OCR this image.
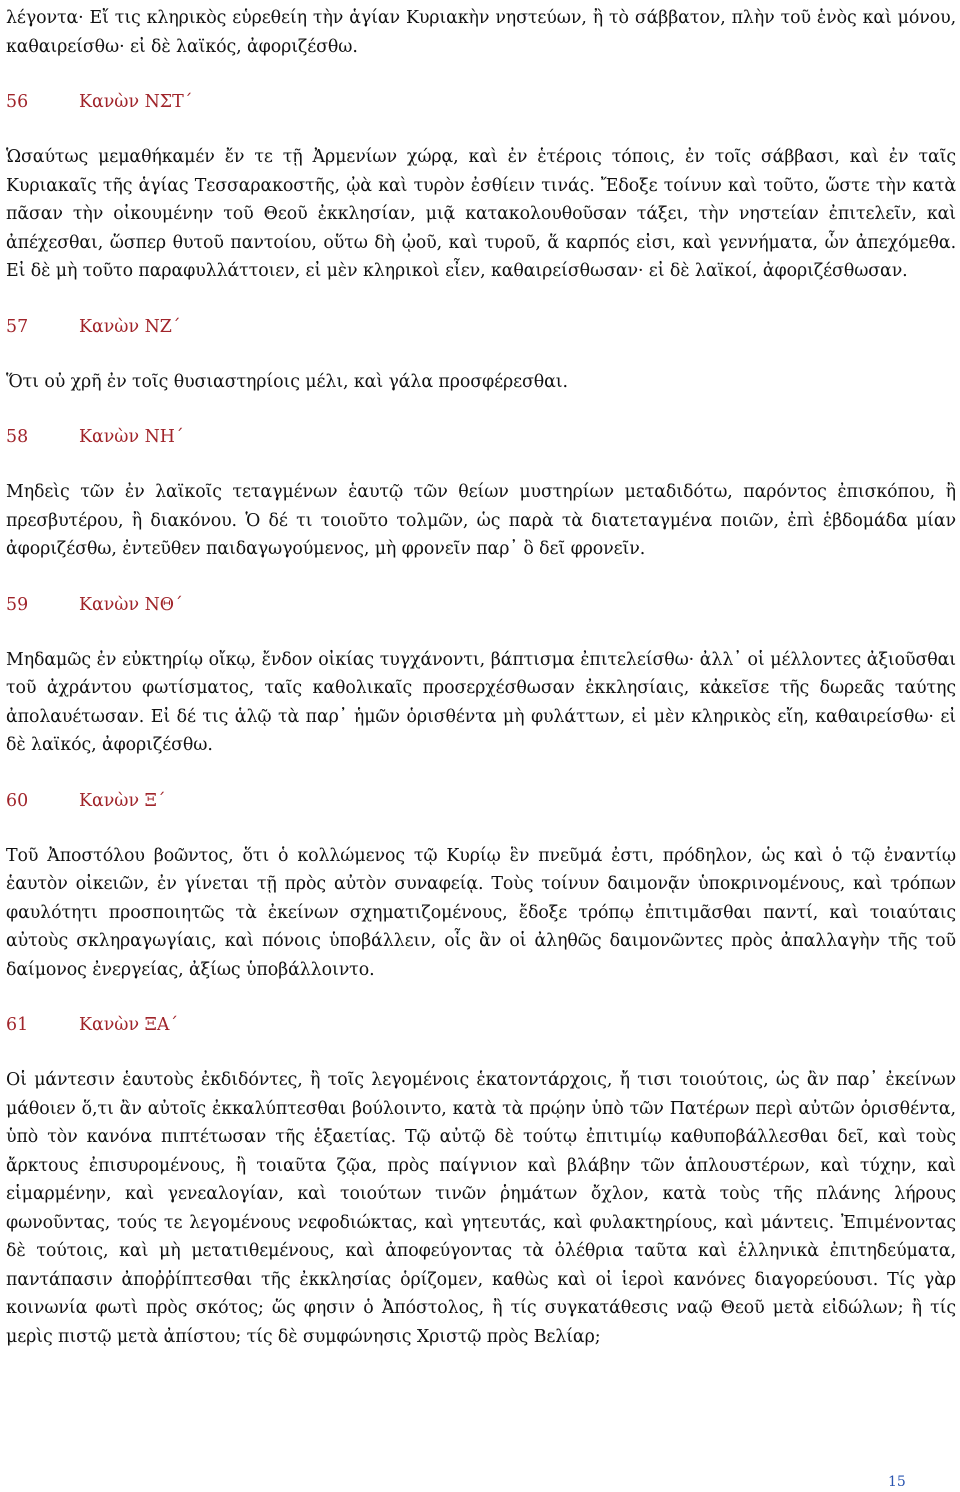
λέγοντα· Εἴ τις κληρικὸς εὑρεθείη τὴν ἁγίαν Κυριακὴν νηστεύων, ἢ τὸ σάββατον, πλὴν τοῦ ἑνὸς καὶ μόνου, καθαιρείσθω· εἰ δὲ λαϊκός, ἀφοριζέσθω.

56	Κανὼν ΝΣΤ΄

Ὡσαύτως μεμαθήκαμέν ἔν τε τῇ Ἀρμενίων χώρᾳ, καὶ ἐν ἑτέροις τόποις, ἐν τοῖς σάββασι, καὶ ἐν ταῖς Κυριακαῖς τῆς ἁγίας Τεσσαρακοστῆς, ᾠὰ καὶ τυρὸν ἐσθίειν τινάς. Ἔδοξε τοίνυν καὶ τοῦτο, ὥστε τὴν κατὰ πᾶσαν τὴν οἰκουμένην τοῦ Θεοῦ ἐκκλησίαν, μιᾷ κατακολουθοῦσαν τάξει, τὴν νηστείαν ἐπιτελεῖν, καὶ ἀπέχεσθαι, ὥσπερ θυτοῦ παντοίου, οὕτω δὴ ᾠοῦ, καὶ τυροῦ, ἅ καρπός εἰσι, καὶ γεννήματα, ὧν ἀπεχόμεθα. Εἰ δὲ μὴ τοῦτο παραφυλλάττοιεν, εἰ μὲν κληρικοὶ εἶεν, καθαιρείσθωσαν· εἰ δὲ λαϊκοί, ἀφοριζέσθωσαν.

57	Κανὼν ΝΖ΄

Ὅτι οὐ χρῆ ἐν τοῖς θυσιαστηρίοις μέλι, καὶ γάλα προσφέρεσθαι.

58	Κανὼν ΝΗ΄

Μηδεὶς τῶν ἐν λαϊκοῖς τεταγμένων ἑαυτῷ τῶν θείων μυστηρίων μεταδιδότω, παρόντος ἐπισκόπου, ἢ πρεσβυτέρου, ἢ διακόνου. Ὁ δέ τι τοιοῦτο τολμῶν, ὡς παρὰ τὰ διατεταγμένα ποιῶν, ἐπὶ ἑβδομάδα μίαν ἀφοριζέσθω, ἐντεῦθεν παιδαγωγούμενος, μὴ φρονεῖν παρ᾽ ὃ δεῖ φρονεῖν.

59	Κανὼν ΝΘ΄

Μηδαμῶς ἐν εὐκτηρίῳ οἴκῳ, ἔνδον οἰκίας τυγχάνοντι, βάπτισμα ἐπιτελείσθω· ἀλλ᾽ οἱ μέλλοντες ἀξιοῦσθαι τοῦ ἀχράντου φωτίσματος, ταῖς καθολικαῖς προσερχέσθωσαν ἐκκλησίαις, κἀκεῖσε τῆς δωρεᾶς ταύτης ἀπολαυέτωσαν. Εἰ δέ τις ἁλῷ τὰ παρ᾽ ἡμῶν ὁρισθέντα μὴ φυλάττων, εἰ μὲν κληρικὸς εἴη, καθαιρείσθω· εἰ δὲ λαϊκός, ἀφοριζέσθω.

60	Κανὼν Ξ΄

Τοῦ Ἀποστόλου βοῶντος, ὅτι ὁ κολλώμενος τῷ Κυρίῳ ἓν πνεῦμά ἐστι, πρόδηλον, ὡς καὶ ὁ τῷ ἐναντίῳ ἑαυτὸν οἰκειῶν, ἐν γίνεται τῇ πρὸς αὐτὸν συναφείᾳ. Τοὺς τοίνυν δαιμονᾷν ὑποκρινομένους, καὶ τρόπων φαυλότητι προσποιητῶς τὰ ἐκείνων σχηματιζομένους, ἔδοξε τρόπῳ ἐπιτιμᾶσθαι παντί, καὶ τοιαύταις αὐτοὺς σκληραγωγίαις, καὶ πόνοις ὑποβάλλειν, οἷς ἂν οἱ ἀληθῶς δαιμονῶντες πρὸς ἀπαλλαγὴν τῆς τοῦ δαίμονος ἐνεργείας, ἀξίως ὑποβάλλοιντο.

61	Κανὼν ΞΑ΄

Οἱ μάντεσιν ἑαυτοὺς ἐκδιδόντες, ἢ τοῖς λεγομένοις ἑκατοντάρχοις, ἤ τισι τοιούτοις, ὡς ἂν παρ᾽ ἐκείνων μάθοιεν ὅ,τι ἂν αὐτοῖς ἐκκαλύπτεσθαι βούλοιντο, κατὰ τὰ πρῴην ὑπὸ τῶν Πατέρων περὶ αὐτῶν ὁρισθέντα, ὑπὸ τὸν κανόνα πιπτέτωσαν τῆς ἑξαετίας. Τῷ αὐτῷ δὲ τούτῳ ἐπιτιμίῳ καθυποβάλλεσθαι δεῖ, καὶ τοὺς ἄρκτους ἐπισυρομένους, ἢ τοιαῦτα ζῷα, πρὸς παίγνιον καὶ βλάβην τῶν ἁπλουστέρων, καὶ τύχην, καὶ εἱμαρμένην, καὶ γενεαλογίαν, καὶ τοιούτων τινῶν ῥημάτων ὄχλον, κατὰ τοὺς τῆς πλάνης λήρους φωνοῦντας, τούς τε λεγομένους νεφοδιώκτας, καὶ γητευτάς, καὶ φυλακτηρίους, καὶ μάντεις. Ἐπιμένοντας δὲ τούτοις, καὶ μὴ μετατιθεμένους, καὶ ἀποφεύγοντας τὰ ὀλέθρια ταῦτα καὶ ἑλληνικὰ ἐπιτηδεύματα, παντάπασιν ἀποῤῥίπτεσθαι τῆς ἐκκλησίας ὁρίζομεν, καθὼς καὶ οἱ ἱεροὶ κανόνες διαγορεύουσι. Τίς γὰρ κοινωνία φωτὶ πρὸς σκότος; ὥς φησιν ὁ Ἀπόστολος, ἢ τίς συγκατάθεσις ναῷ Θεοῦ μετὰ εἰδώλων; ἢ τίς μερὶς πιστῷ μετὰ ἀπίστου; τίς δὲ συμφώνησις Χριστῷ πρὸς Βελίαρ;

15
